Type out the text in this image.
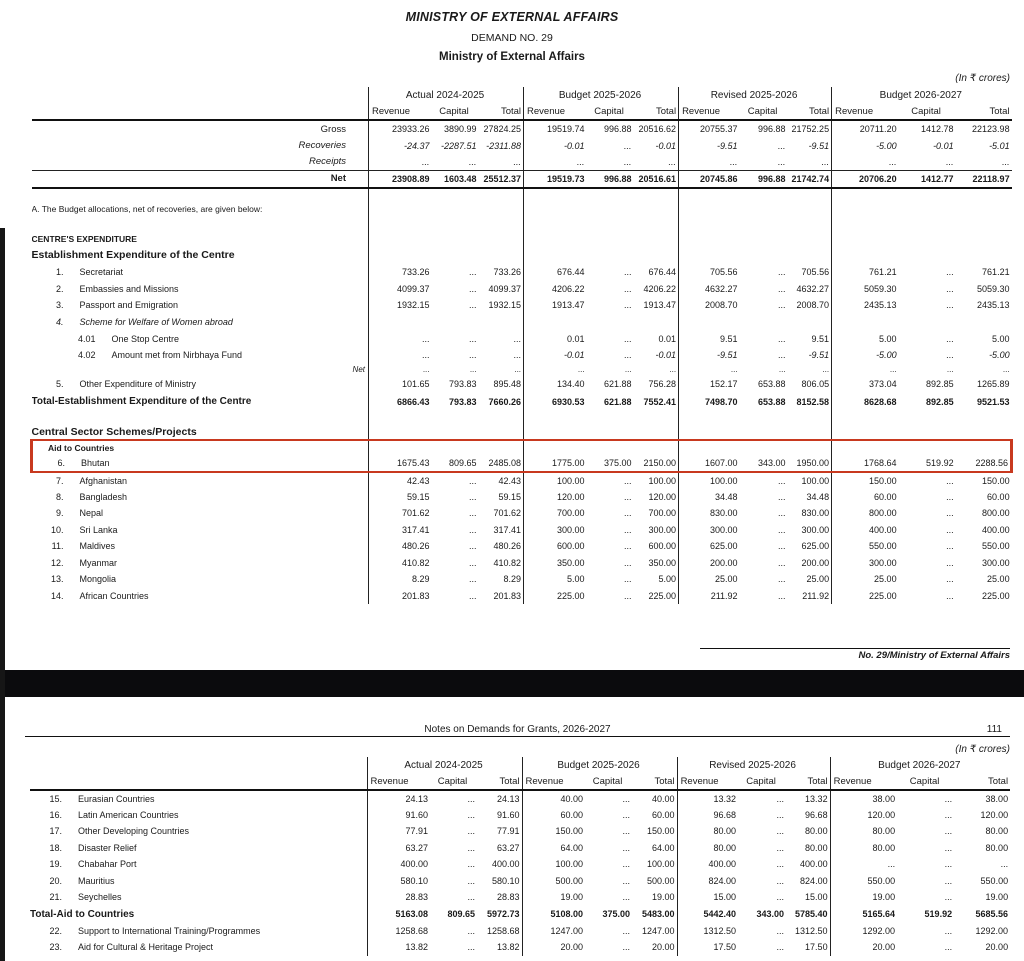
MINISTRY OF EXTERNAL AFFAIRS
DEMAND NO. 29
Ministry of External Affairs
(In ₹ crores)
	Actual 2024-2025			Budget 2025-2026			Revised 2025-2026			Budget 2026-2027		
	Revenue	Capital	Total	Revenue	Capital	Total	Revenue	Capital	Total	Revenue	Capital	Total
Gross	23933.26	3890.99	27824.25	19519.74	996.88	20516.62	20755.37	996.88	21752.25	20711.20	1412.78	22123.98
Recoveries	-24.37	-2287.51	-2311.88	-0.01	...	-0.01	-9.51	...	-9.51	-5.00	-0.01	-5.01
Receipts	...	...	...	...	...	...	...	...	...	...	...	...
Net	23908.89	1603.48	25512.37	19519.73	996.88	20516.61	20745.86	996.88	21742.74	20706.20	1412.77	22118.97

A. The Budget allocations, net of recoveries, are given below:												

CENTRE'S EXPENDITURE												
Establishment Expenditure of the Centre												
1. Secretariat	733.26	...	733.26	676.44	...	676.44	705.56	...	705.56	761.21	...	761.21
2. Embassies and Missions	4099.37	...	4099.37	4206.22	...	4206.22	4632.27	...	4632.27	5059.30	...	5059.30
3. Passport and Emigration	1932.15	...	1932.15	1913.47	...	1913.47	2008.70	...	2008.70	2435.13	...	2435.13
4. Scheme for Welfare of Women abroad												
4.01 One Stop Centre	...	...	...	0.01	...	0.01	9.51	...	9.51	5.00	...	5.00
4.02 Amount met from Nirbhaya Fund	...	...	...	-0.01	...	-0.01	-9.51	...	-9.51	-5.00	...	-5.00
Net	...	...	...	...	...	...	...	...	...	...	...	...
5. Other Expenditure of Ministry	101.65	793.83	895.48	134.40	621.88	756.28	152.17	653.88	806.05	373.04	892.85	1265.89
Total-Establishment Expenditure of the Centre	6866.43	793.83	7660.26	6930.53	621.88	7552.41	7498.70	653.88	8152.58	8628.68	892.85	9521.53

Central Sector Schemes/Projects												
Aid to Countries												
6. Bhutan	1675.43	809.65	2485.08	1775.00	375.00	2150.00	1607.00	343.00	1950.00	1768.64	519.92	2288.56
7. Afghanistan	42.43	...	42.43	100.00	...	100.00	100.00	...	100.00	150.00	...	150.00
8. Bangladesh	59.15	...	59.15	120.00	...	120.00	34.48	...	34.48	60.00	...	60.00
9. Nepal	701.62	...	701.62	700.00	...	700.00	830.00	...	830.00	800.00	...	800.00
10. Sri Lanka	317.41	...	317.41	300.00	...	300.00	300.00	...	300.00	400.00	...	400.00
11. Maldives	480.26	...	480.26	600.00	...	600.00	625.00	...	625.00	550.00	...	550.00
12. Myanmar	410.82	...	410.82	350.00	...	350.00	200.00	...	200.00	300.00	...	300.00
13. Mongolia	8.29	...	8.29	5.00	...	5.00	25.00	...	25.00	25.00	...	25.00
14. African Countries	201.83	...	201.83	225.00	...	225.00	211.92	...	211.92	225.00	...	225.00
No. 29/Ministry of External Affairs
Notes on Demands for Grants, 2026-2027	111
(In ₹ crores)
	Actual 2024-2025			Budget 2025-2026			Revised 2025-2026			Budget 2026-2027		
	Revenue	Capital	Total	Revenue	Capital	Total	Revenue	Capital	Total	Revenue	Capital	Total
15. Eurasian Countries	24.13	...	24.13	40.00	...	40.00	13.32	...	13.32	38.00	...	38.00
16. Latin American Countries	91.60	...	91.60	60.00	...	60.00	96.68	...	96.68	120.00	...	120.00
17. Other Developing Countries	77.91	...	77.91	150.00	...	150.00	80.00	...	80.00	80.00	...	80.00
18. Disaster Relief	63.27	...	63.27	64.00	...	64.00	80.00	...	80.00	80.00	...	80.00
19. Chabahar Port	400.00	...	400.00	100.00	...	100.00	400.00	...	400.00	...	...	...
20. Mauritius	580.10	...	580.10	500.00	...	500.00	824.00	...	824.00	550.00	...	550.00
21. Seychelles	28.83	...	28.83	19.00	...	19.00	15.00	...	15.00	19.00	...	19.00
Total-Aid to Countries	5163.08	809.65	5972.73	5108.00	375.00	5483.00	5442.40	343.00	5785.40	5165.64	519.92	5685.56
22. Support to International Training/Programmes	1258.68	...	1258.68	1247.00	...	1247.00	1312.50	...	1312.50	1292.00	...	1292.00
23. Aid for Cultural & Heritage Project	13.82	...	13.82	20.00	...	20.00	17.50	...	17.50	20.00	...	20.00
